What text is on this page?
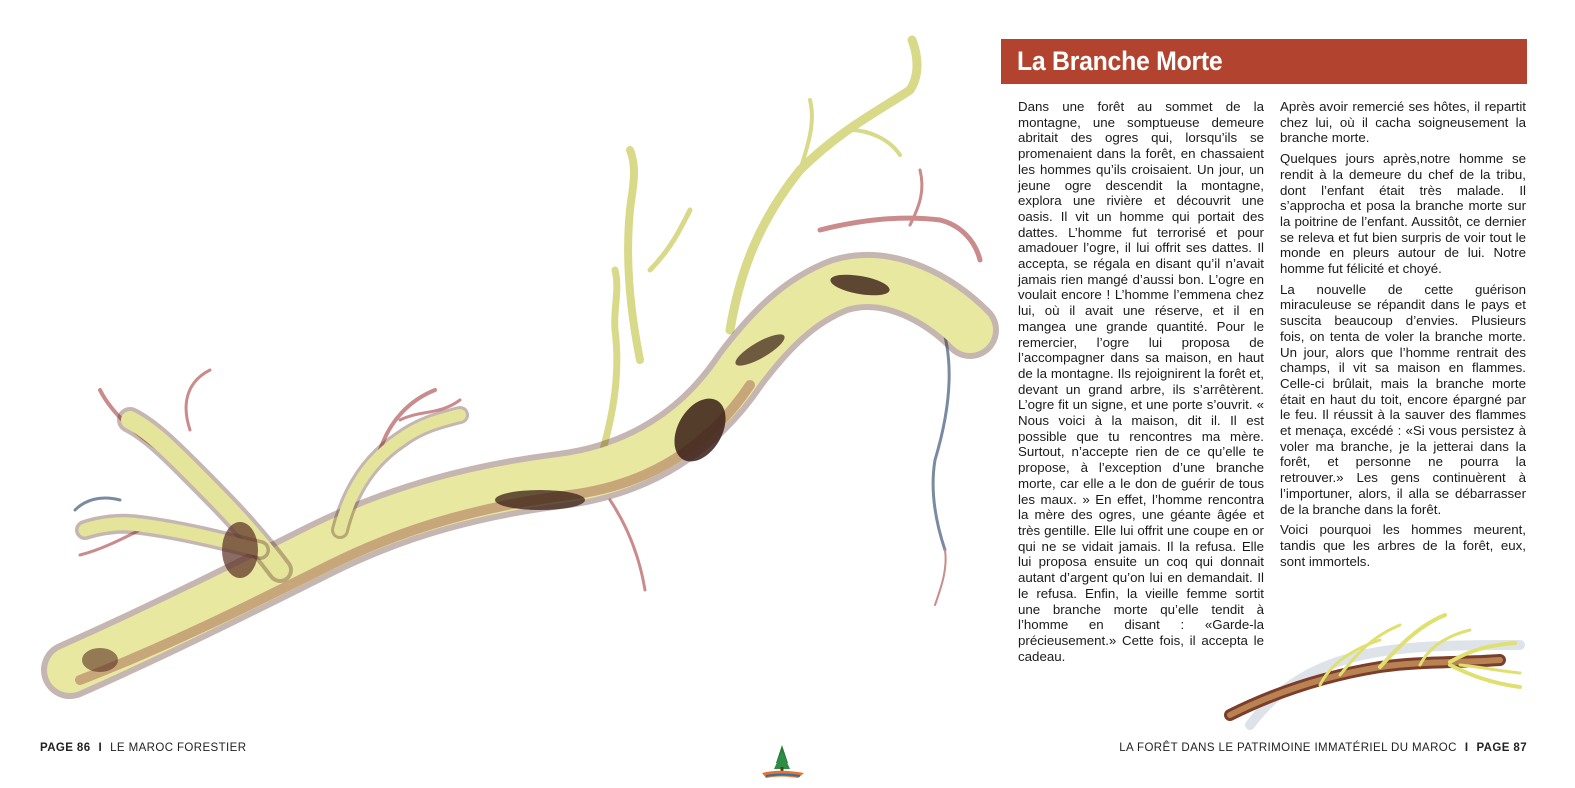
La Branche Morte

Dans une forêt au sommet de la montagne, une somptueuse demeure abritait des ogres qui, lorsqu’ils se promenaient dans la forêt, en chassaient les hommes qu’ils croisaient. Un jour, un jeune ogre descendit la montagne, explora une rivière et découvrit une oasis. Il vit un homme qui portait des dattes. L’homme fut terrorisé et pour amadouer l’ogre, il lui offrit ses dattes. Il accepta, se régala en disant qu’il n’avait jamais rien mangé d’aussi bon. L’ogre en voulait encore ! L’homme l’emmena chez lui, où il avait une réserve, et il en mangea une grande quantité. Pour le remercier, l’ogre lui proposa de l’accompagner dans sa maison, en haut de la montagne. Ils rejoignirent la forêt et, devant un grand arbre, ils s’arrêtèrent. L’ogre fit un signe, et une porte s’ouvrit. « Nous voici à la maison, dit il. Il est possible que tu rencontres ma mère. Surtout, n’accepte rien de ce qu’elle te propose, à l’exception d’une branche morte, car elle a le don de guérir de tous les maux. » En effet, l’homme rencontra la mère des ogres, une géante âgée et très gentille. Elle lui offrit une coupe en or qui ne se vidait jamais. Il la refusa. Elle lui proposa ensuite un coq qui donnait autant d’argent qu’on lui en demandait. Il le refusa. Enfin, la vieille femme sortit une branche morte qu’elle tendit à l’homme en disant : «Garde-la précieusement.» Cette fois, il accepta le cadeau.

Après avoir remercié ses hôtes, il repartit chez lui, où il cacha soigneusement la branche morte.

Quelques jours après,notre homme se rendit à la demeure du chef de la tribu, dont l’enfant était très malade. Il s’approcha et posa la branche morte sur la poitrine de l’enfant. Aussitôt, ce dernier se releva et fut bien surpris de voir tout le monde en pleurs autour de lui. Notre homme fut félicité et choyé.

La nouvelle de cette guérison miraculeuse se répandit dans le pays et suscita beaucoup d’envies. Plusieurs fois, on tenta de voler la branche morte. Un jour, alors que l’homme rentrait des champs, il vit sa maison en flammes. Celle-ci brûlait, mais la branche morte était en haut du toit, encore épargné par le feu. Il réussit à la sauver des flammes et menaça, excédé : «Si vous persistez à voler ma branche, je la jetterai dans la forêt, et personne ne pourra la retrouver.» Les gens continuèrent à l’importuner, alors, il alla se débarrasser de la branche dans la forêt.

Voici pourquoi les hommes meurent, tandis que les arbres de la forêt, eux, sont immortels.

PAGE 86 I LE MAROC FORESTIER	LA FORÊT DANS LE PATRIMOINE IMMATÉRIEL DU MAROC I PAGE 87
